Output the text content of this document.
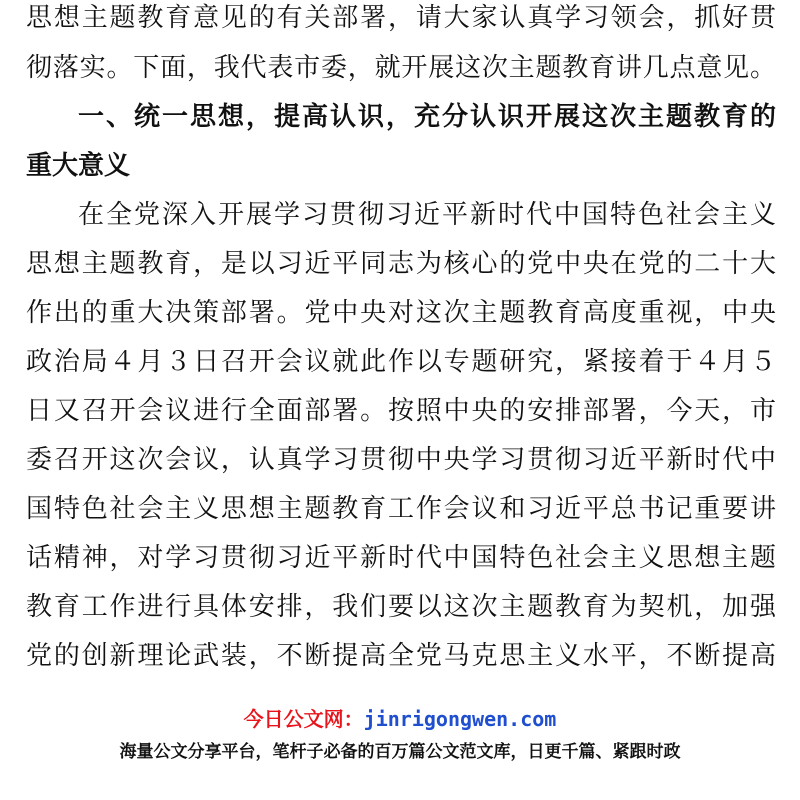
思想主题教育意见的有关部署，请大家认真学习领会，抓好贯
彻落实。下面，我代表市委，就开展这次主题教育讲几点意见。
一、统一思想，提高认识，充分认识开展这次主题教育的
重大意义
在全党深入开展学习贯彻习近平新时代中国特色社会主义
思想主题教育，是以习近平同志为核心的党中央在党的二十大
作出的重大决策部署。党中央对这次主题教育高度重视，中央
政治局４月３日召开会议就此作以专题研究，紧接着于４月５
日又召开会议进行全面部署。按照中央的安排部署，今天，市
委召开这次会议，认真学习贯彻中央学习贯彻习近平新时代中
国特色社会主义思想主题教育工作会议和习近平总书记重要讲
话精神，对学习贯彻习近平新时代中国特色社会主义思想主题
教育工作进行具体安排，我们要以这次主题教育为契机，加强
党的创新理论武装，不断提高全党马克思主义水平，不断提高
今日公文网：jinrigongwen.com
海量公文分享平台，笔杆子必备的百万篇公文范文库，日更千篇、紧跟时政
